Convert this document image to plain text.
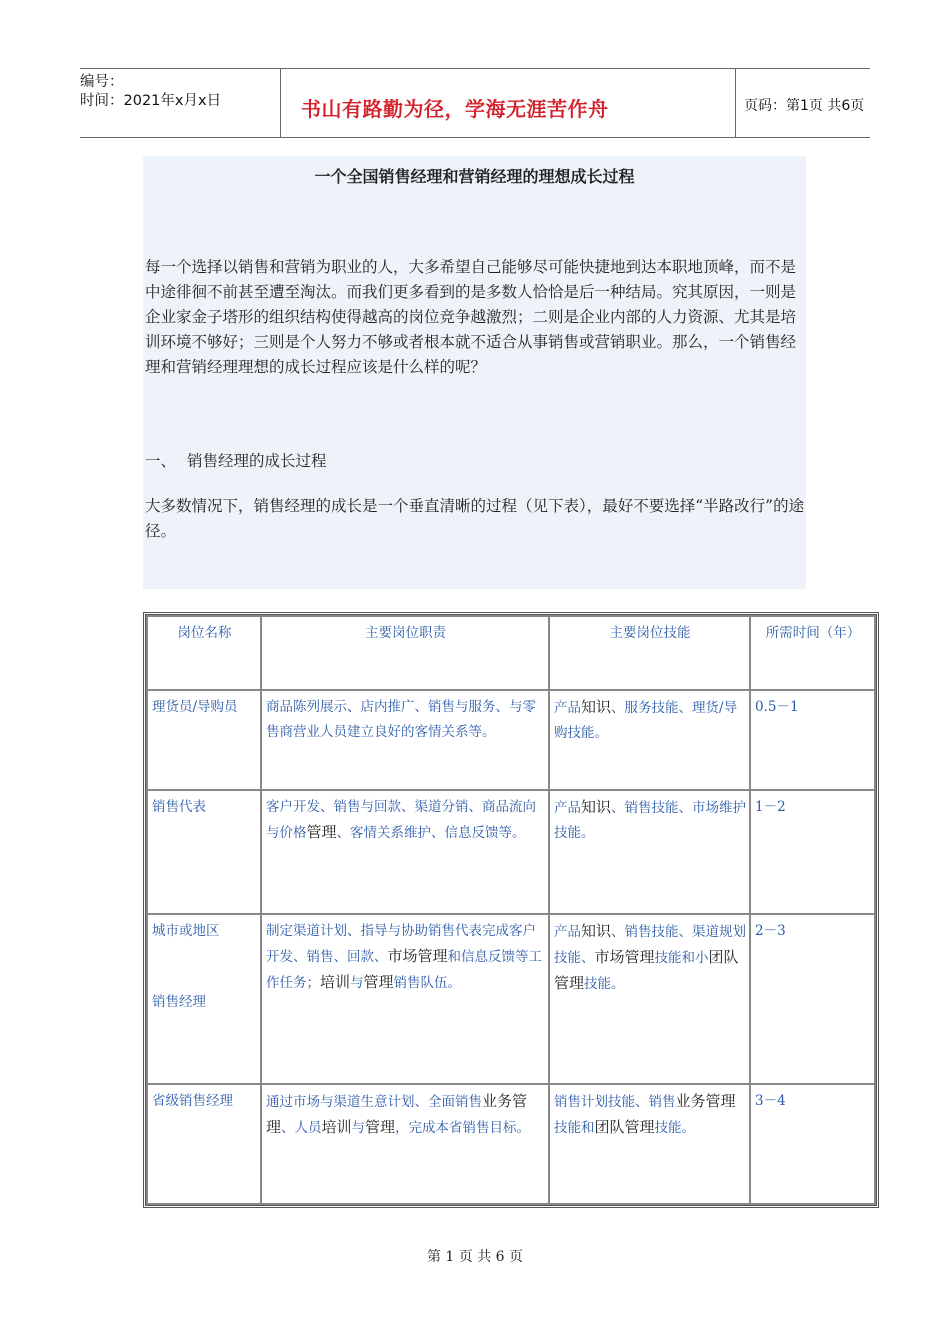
编号：
时间：2021年x月x日	书山有路勤为径，学海无涯苦作舟	页码：第1页 共6页
一个全国销售经理和营销经理的理想成长过程
每一个选择以销售和营销为职业的人，大多希望自己能够尽可能快捷地到达本职地顶峰，而不是中途徘徊不前甚至遭至淘汰。而我们更多看到的是多数人恰恰是后一种结局。究其原因，一则是企业家金子塔形的组织结构使得越高的岗位竞争越激烈；二则是企业内部的人力资源、尤其是培训环境不够好；三则是个人努力不够或者根本就不适合从事销售或营销职业。那么，一个销售经理和营销经理理想的成长过程应该是什么样的呢？
一、 销售经理的成长过程
大多数情况下，销售经理的成长是一个垂直清晰的过程（见下表），最好不要选择“半路改行”的途径。
岗位名称	主要岗位职责	主要岗位技能	所需时间（年）
理货员/导购员	商品陈列展示、店内推广、销售与服务、与零售商营业人员建立良好的客情关系等。	产品知识、服务技能、理货/导购技能。	0.5－1
销售代表	客户开发、销售与回款、渠道分销、商品流向与价格管理、客情关系维护、信息反馈等。	产品知识、销售技能、市场维护技能。	1－2

城市或地区
销售经理	制定渠道计划、指导与协助销售代表完成客户开发、销售、回款、市场管理和信息反馈等工作任务；培训与管理销售队伍。	产品知识、销售技能、渠道规划技能、市场管理技能和小团队管理技能。	2－3
省级销售经理	通过市场与渠道生意计划、全面销售业务管理、人员培训与管理，完成本省销售目标。	销售计划技能、销售业务管理技能和团队管理技能。	3－4
第 1 页 共 6 页
